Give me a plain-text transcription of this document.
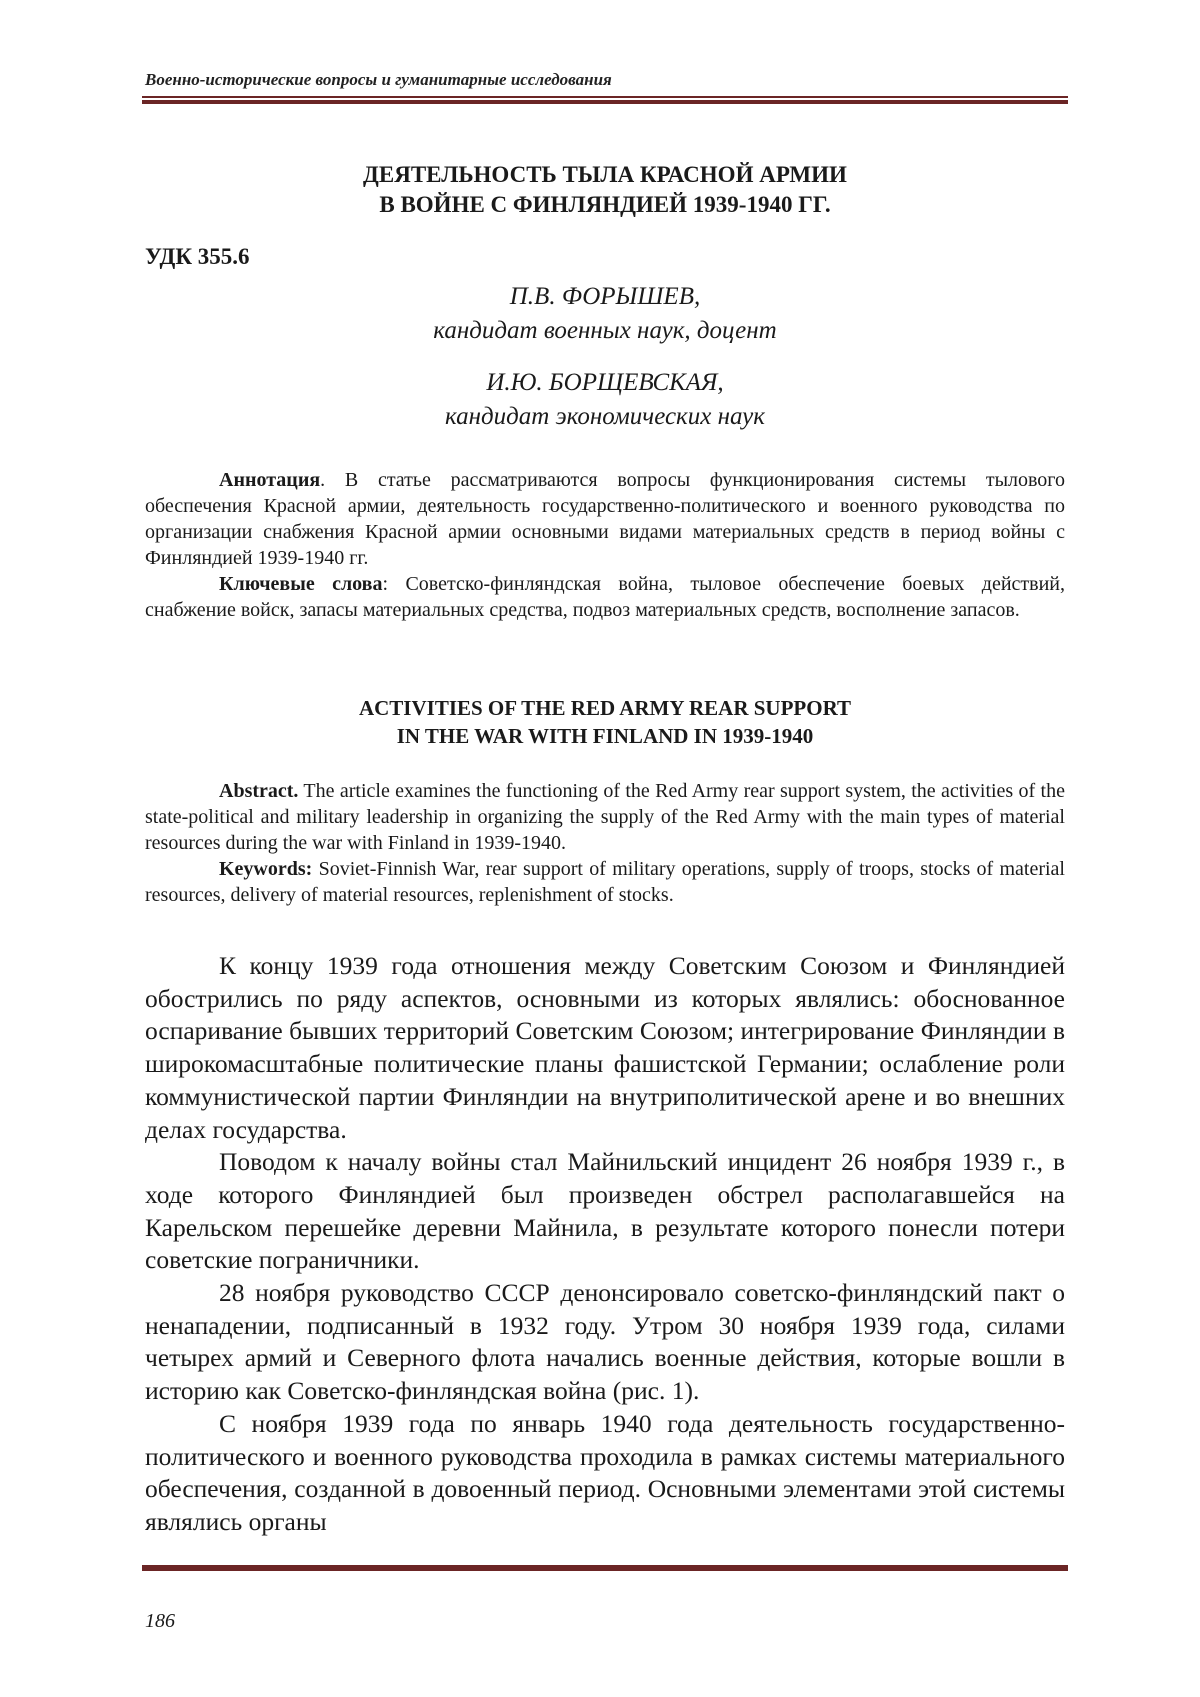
Военно-исторические вопросы и гуманитарные исследования
ДЕЯТЕЛЬНОСТЬ ТЫЛА КРАСНОЙ АРМИИ
В ВОЙНЕ С ФИНЛЯНДИЕЙ 1939-1940 ГГ.
УДК 355.6
П.В. ФОРЫШЕВ,
кандидат военных наук, доцент
И.Ю. БОРЩЕВСКАЯ,
кандидат экономических наук

Аннотация. В статье рассматриваются вопросы функционирования системы тылового обеспечения Красной армии, деятельность государственно-политического и военного руководства по организации снабжения Красной армии основными видами материальных средств в период войны с Финляндией 1939-1940 гг.

Ключевые слова: Советско-финляндская война, тыловое обеспечение боевых действий, снабжение войск, запасы материальных средства, подвоз материальных средств, восполнение запасов.

ACTIVITIES OF THE RED ARMY REAR SUPPORT
IN THE WAR WITH FINLAND IN 1939-1940

Abstract. The article examines the functioning of the Red Army rear support system, the activities of the state-political and military leadership in organizing the supply of the Red Army with the main types of material resources during the war with Finland in 1939-1940.

Keywords: Soviet-Finnish War, rear support of military operations, supply of troops, stocks of material resources, delivery of material resources, replenishment of stocks.

К концу 1939 года отношения между Советским Союзом и Финляндией обострились по ряду аспектов, основными из которых являлись: обоснованное оспаривание бывших территорий Советским Союзом; интегрирование Финляндии в широкомасштабные политические планы фашистской Германии; ослабление роли коммунистической партии Финляндии на внутриполитической арене и во внешних делах государства.

Поводом к началу войны стал Майнильский инцидент 26 ноября 1939 г., в ходе которого Финляндией был произведен обстрел располагавшейся на Карельском перешейке деревни Майнила, в результате которого понесли потери советские пограничники.

28 ноября руководство СССР денонсировало советско-финляндский пакт о ненападении, подписанный в 1932 году. Утром 30 ноября 1939 года, силами четырех армий и Северного флота начались военные действия, которые вошли в историю как Советско-финляндская война (рис. 1).

С ноября 1939 года по январь 1940 года деятельность государственно-политического и военного руководства проходила в рамках системы материального обеспечения, созданной в довоенный период. Основными элементами этой системы являлись органы

186
